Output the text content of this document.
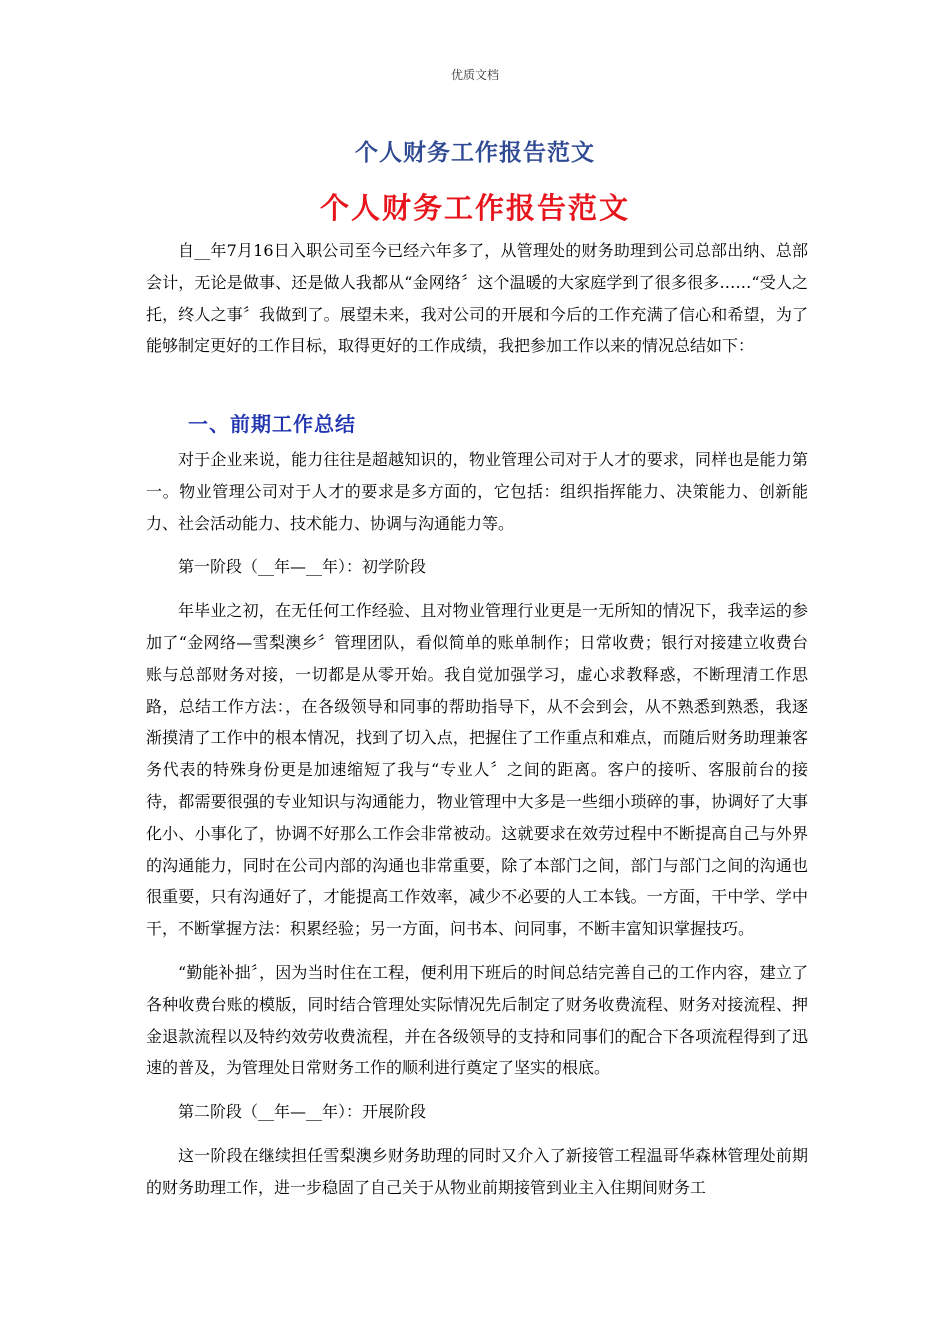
优质文档
个人财务工作报告范文
个人财务工作报告范文

自__年7月16日入职公司至今已经六年多了，从管理处的财务助理到公司总部出纳、总部会计，无论是做事、还是做人我都从“金网络〞这个温暖的大家庭学到了很多很多……“受人之托，终人之事〞我做到了。展望未来，我对公司的开展和今后的工作充满了信心和希望，为了能够制定更好的工作目标，取得更好的工作成绩，我把参加工作以来的情况总结如下：

一、前期工作总结

对于企业来说，能力往往是超越知识的，物业管理公司对于人才的要求，同样也是能力第一。物业管理公司对于人才的要求是多方面的，它包括：组织指挥能力、决策能力、创新能力、社会活动能力、技术能力、协调与沟通能力等。

第一阶段（__年—__年）：初学阶段

年毕业之初，在无任何工作经验、且对物业管理行业更是一无所知的情况下，我幸运的参加了“金网络—雪梨澳乡〞管理团队，看似简单的账单制作；日常收费；银行对接建立收费台账与总部财务对接，一切都是从零开始。我自觉加强学习，虚心求教释惑，不断理清工作思路，总结工作方法：，在各级领导和同事的帮助指导下，从不会到会，从不熟悉到熟悉，我逐渐摸清了工作中的根本情况，找到了切入点，把握住了工作重点和难点，而随后财务助理兼客务代表的特殊身份更是加速缩短了我与“专业人〞之间的距离。客户的接听、客服前台的接待，都需要很强的专业知识与沟通能力，物业管理中大多是一些细小琐碎的事，协调好了大事化小、小事化了，协调不好那么工作会非常被动。这就要求在效劳过程中不断提高自己与外界的沟通能力，同时在公司内部的沟通也非常重要，除了本部门之间，部门与部门之间的沟通也很重要，只有沟通好了，才能提高工作效率，减少不必要的人工本钱。一方面，干中学、学中干，不断掌握方法：积累经验；另一方面，问书本、问同事，不断丰富知识掌握技巧。

“勤能补拙〞，因为当时住在工程，便利用下班后的时间总结完善自己的工作内容，建立了各种收费台账的模版，同时结合管理处实际情况先后制定了财务收费流程、财务对接流程、押金退款流程以及特约效劳收费流程，并在各级领导的支持和同事们的配合下各项流程得到了迅速的普及，为管理处日常财务工作的顺利进行奠定了坚实的根底。

第二阶段（__年—__年）：开展阶段

这一阶段在继续担任雪梨澳乡财务助理的同时又介入了新接管工程温哥华森林管理处前期的财务助理工作，进一步稳固了自己关于从物业前期接管到业主入住期间财务工
